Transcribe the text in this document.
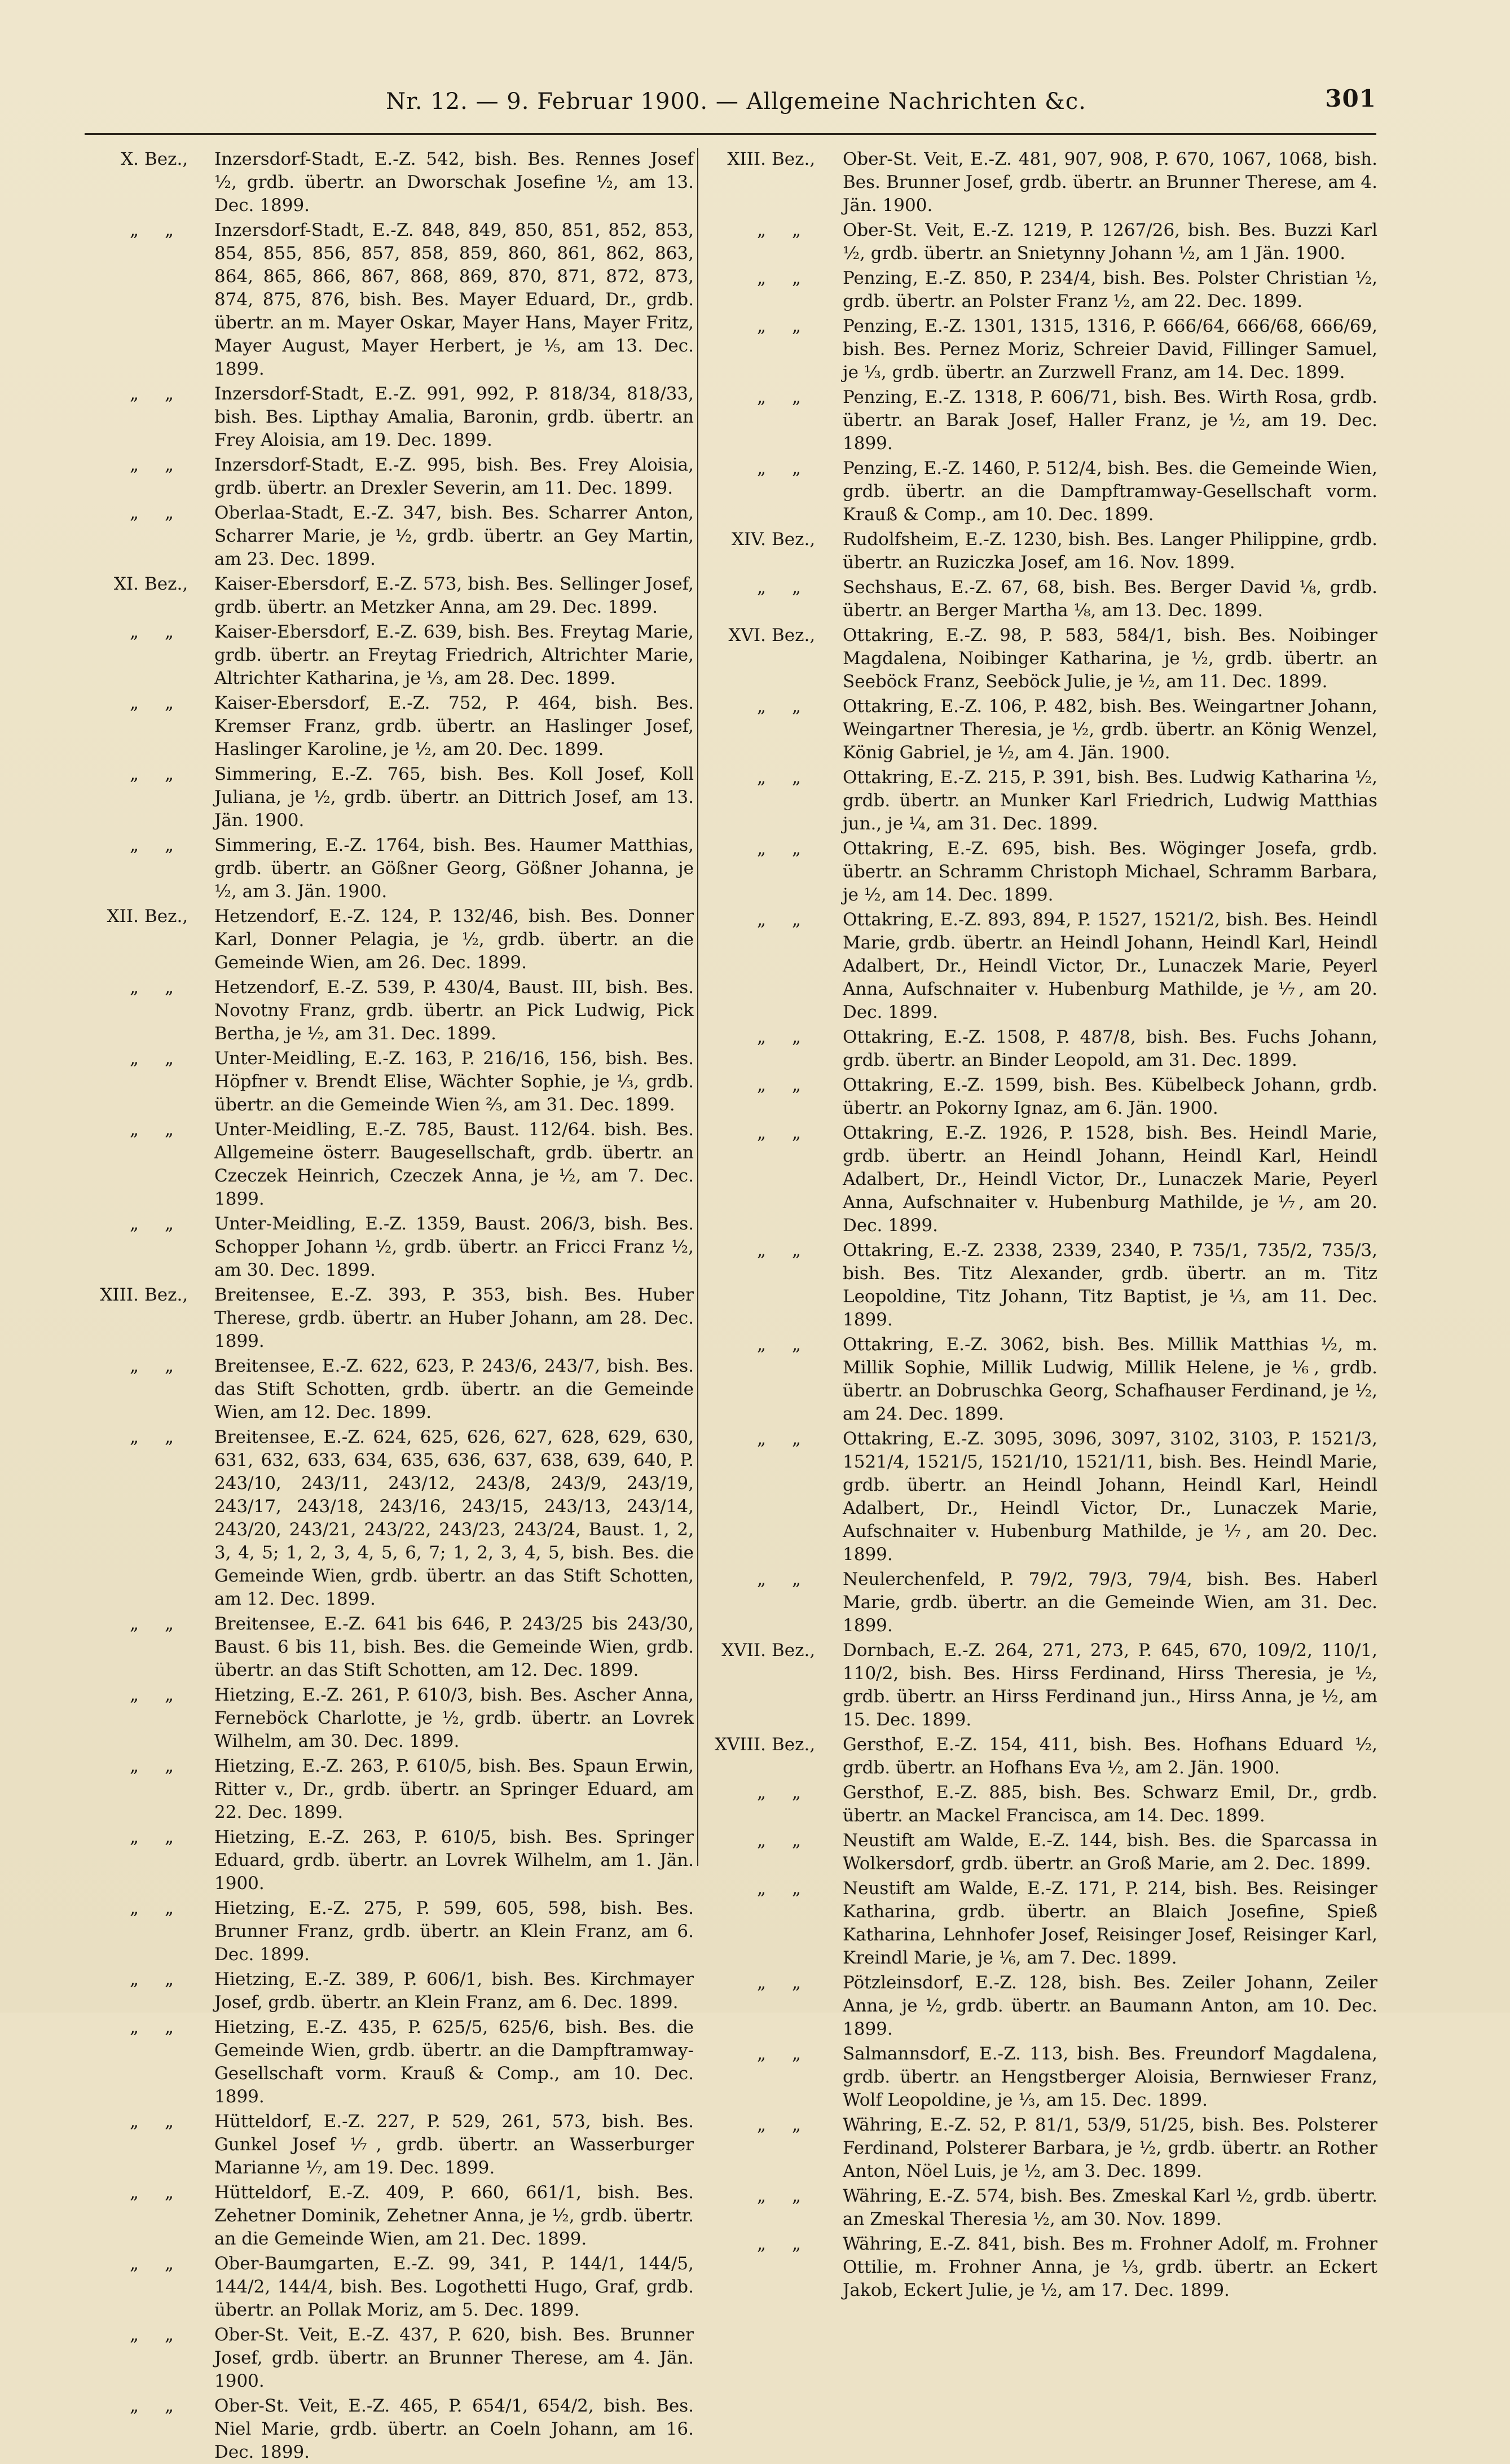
Nr. 12. — 9. Februar 1900. — Allgemeine Nachrichten &c.	301
X. Bez.,	Inzersdorf-Stadt, E.-Z. 542, bish. Bes. Rennes Josef ½, grdb. übertr. an Dworschak Josefine ½, am 13. Dec. 1899.
„ „	Inzersdorf-Stadt, E.-Z. 848, 849, 850, 851, 852, 853, 854, 855, 856, 857, 858, 859, 860, 861, 862, 863, 864, 865, 866, 867, 868, 869, 870, 871, 872, 873, 874, 875, 876, bish. Bes. Mayer Eduard, Dr., grdb. übertr. an m. Mayer Oskar, Mayer Hans, Mayer Fritz, Mayer August, Mayer Herbert, je ⅕, am 13. Dec. 1899.
„ „	Inzersdorf-Stadt, E.-Z. 991, 992, P. 818/34, 818/33, bish. Bes. Lipthay Amalia, Baronin, grdb. übertr. an Frey Aloisia, am 19. Dec. 1899.
„ „	Inzersdorf-Stadt, E.-Z. 995, bish. Bes. Frey Aloisia, grdb. übertr. an Drexler Severin, am 11. Dec. 1899.
„ „	Oberlaa-Stadt, E.-Z. 347, bish. Bes. Scharrer Anton, Scharrer Marie, je ½, grdb. übertr. an Gey Martin, am 23. Dec. 1899.
XI. Bez.,	Kaiser-Ebersdorf, E.-Z. 573, bish. Bes. Sellinger Josef, grdb. übertr. an Metzker Anna, am 29. Dec. 1899.
„ „	Kaiser-Ebersdorf, E.-Z. 639, bish. Bes. Freytag Marie, grdb. übertr. an Freytag Friedrich, Altrichter Marie, Altrichter Katharina, je ⅓, am 28. Dec. 1899.
„ „	Kaiser-Ebersdorf, E.-Z. 752, P. 464, bish. Bes. Kremser Franz, grdb. übertr. an Haslinger Josef, Haslinger Karoline, je ½, am 20. Dec. 1899.
„ „	Simmering, E.-Z. 765, bish. Bes. Koll Josef, Koll Juliana, je ½, grdb. übertr. an Dittrich Josef, am 13. Jän. 1900.
„ „	Simmering, E.-Z. 1764, bish. Bes. Haumer Matthias, grdb. übertr. an Gößner Georg, Gößner Johanna, je ½, am 3. Jän. 1900.
XII. Bez.,	Hetzendorf, E.-Z. 124, P. 132/46, bish. Bes. Donner Karl, Donner Pelagia, je ½, grdb. übertr. an die Gemeinde Wien, am 26. Dec. 1899.
„ „	Hetzendorf, E.-Z. 539, P. 430/4, Baust. III, bish. Bes. Novotny Franz, grdb. übertr. an Pick Ludwig, Pick Bertha, je ½, am 31. Dec. 1899.
„ „	Unter-Meidling, E.-Z. 163, P. 216/16, 156, bish. Bes. Höpfner v. Brendt Elise, Wächter Sophie, je ⅓, grdb. übertr. an die Gemeinde Wien ⅔, am 31. Dec. 1899.
„ „	Unter-Meidling, E.-Z. 785, Baust. 112/64. bish. Bes. Allgemeine österr. Baugesellschaft, grdb. übertr. an Czeczek Heinrich, Czeczek Anna, je ½, am 7. Dec. 1899.
„ „	Unter-Meidling, E.-Z. 1359, Baust. 206/3, bish. Bes. Schopper Johann ½, grdb. übertr. an Fricci Franz ½, am 30. Dec. 1899.
XIII. Bez.,	Breitensee, E.-Z. 393, P. 353, bish. Bes. Huber Therese, grdb. übertr. an Huber Johann, am 28. Dec. 1899.
„ „	Breitensee, E.-Z. 622, 623, P. 243/6, 243/7, bish. Bes. das Stift Schotten, grdb. übertr. an die Gemeinde Wien, am 12. Dec. 1899.
„ „	Breitensee, E.-Z. 624, 625, 626, 627, 628, 629, 630, 631, 632, 633, 634, 635, 636, 637, 638, 639, 640, P. 243/10, 243/11, 243/12, 243/8, 243/9, 243/19, 243/17, 243/18, 243/16, 243/15, 243/13, 243/14, 243/20, 243/21, 243/22, 243/23, 243/24, Baust. 1, 2, 3, 4, 5; 1, 2, 3, 4, 5, 6, 7; 1, 2, 3, 4, 5, bish. Bes. die Gemeinde Wien, grdb. übertr. an das Stift Schotten, am 12. Dec. 1899.
„ „	Breitensee, E.-Z. 641 bis 646, P. 243/25 bis 243/30, Baust. 6 bis 11, bish. Bes. die Gemeinde Wien, grdb. übertr. an das Stift Schotten, am 12. Dec. 1899.
„ „	Hietzing, E.-Z. 261, P. 610/3, bish. Bes. Ascher Anna, Ferneböck Charlotte, je ½, grdb. übertr. an Lovrek Wilhelm, am 30. Dec. 1899.
„ „	Hietzing, E.-Z. 263, P. 610/5, bish. Bes. Spaun Erwin, Ritter v., Dr., grdb. übertr. an Springer Eduard, am 22. Dec. 1899.
„ „	Hietzing, E.-Z. 263, P. 610/5, bish. Bes. Springer Eduard, grdb. übertr. an Lovrek Wilhelm, am 1. Jän. 1900.
„ „	Hietzing, E.-Z. 275, P. 599, 605, 598, bish. Bes. Brunner Franz, grdb. übertr. an Klein Franz, am 6. Dec. 1899.
„ „	Hietzing, E.-Z. 389, P. 606/1, bish. Bes. Kirchmayer Josef, grdb. übertr. an Klein Franz, am 6. Dec. 1899.
„ „	Hietzing, E.-Z. 435, P. 625/5, 625/6, bish. Bes. die Gemeinde Wien, grdb. übertr. an die Dampftramway-Gesellschaft vorm. Krauß & Comp., am 10. Dec. 1899.
„ „	Hütteldorf, E.-Z. 227, P. 529, 261, 573, bish. Bes. Gunkel Josef ⅐, grdb. übertr. an Wasserburger Marianne ⅐, am 19. Dec. 1899.
„ „	Hütteldorf, E.-Z. 409, P. 660, 661/1, bish. Bes. Zehetner Dominik, Zehetner Anna, je ½, grdb. übertr. an die Gemeinde Wien, am 21. Dec. 1899.
„ „	Ober-Baumgarten, E.-Z. 99, 341, P. 144/1, 144/5, 144/2, 144/4, bish. Bes. Logothetti Hugo, Graf, grdb. übertr. an Pollak Moriz, am 5. Dec. 1899.
„ „	Ober-St. Veit, E.-Z. 437, P. 620, bish. Bes. Brunner Josef, grdb. übertr. an Brunner Therese, am 4. Jän. 1900.
„ „	Ober-St. Veit, E.-Z. 465, P. 654/1, 654/2, bish. Bes. Niel Marie, grdb. übertr. an Coeln Johann, am 16. Dec. 1899.
XIII. Bez.,	Ober-St. Veit, E.-Z. 481, 907, 908, P. 670, 1067, 1068, bish. Bes. Brunner Josef, grdb. übertr. an Brunner Therese, am 4. Jän. 1900.
„ „	Ober-St. Veit, E.-Z. 1219, P. 1267/26, bish. Bes. Buzzi Karl ½, grdb. übertr. an Snietynny Johann ½, am 1 Jän. 1900.
„ „	Penzing, E.-Z. 850, P. 234/4, bish. Bes. Polster Christian ½, grdb. übertr. an Polster Franz ½, am 22. Dec. 1899.
„ „	Penzing, E.-Z. 1301, 1315, 1316, P. 666/64, 666/68, 666/69, bish. Bes. Pernez Moriz, Schreier David, Fillinger Samuel, je ⅓, grdb. übertr. an Zurzwell Franz, am 14. Dec. 1899.
„ „	Penzing, E.-Z. 1318, P. 606/71, bish. Bes. Wirth Rosa, grdb. übertr. an Barak Josef, Haller Franz, je ½, am 19. Dec. 1899.
„ „	Penzing, E.-Z. 1460, P. 512/4, bish. Bes. die Gemeinde Wien, grdb. übertr. an die Dampftramway-Gesellschaft vorm. Krauß & Comp., am 10. Dec. 1899.
XIV. Bez.,	Rudolfsheim, E.-Z. 1230, bish. Bes. Langer Philippine, grdb. übertr. an Ruziczka Josef, am 16. Nov. 1899.
„ „	Sechshaus, E.-Z. 67, 68, bish. Bes. Berger David ⅛, grdb. übertr. an Berger Martha ⅛, am 13. Dec. 1899.
XVI. Bez.,	Ottakring, E.-Z. 98, P. 583, 584/1, bish. Bes. Noibinger Magdalena, Noibinger Katharina, je ½, grdb. übertr. an Seeböck Franz, Seeböck Julie, je ½, am 11. Dec. 1899.
„ „	Ottakring, E.-Z. 106, P. 482, bish. Bes. Weingartner Johann, Weingartner Theresia, je ½, grdb. übertr. an König Wenzel, König Gabriel, je ½, am 4. Jän. 1900.
„ „	Ottakring, E.-Z. 215, P. 391, bish. Bes. Ludwig Katharina ½, grdb. übertr. an Munker Karl Friedrich, Ludwig Matthias jun., je ¼, am 31. Dec. 1899.
„ „	Ottakring, E.-Z. 695, bish. Bes. Wöginger Josefa, grdb. übertr. an Schramm Christoph Michael, Schramm Barbara, je ½, am 14. Dec. 1899.
„ „	Ottakring, E.-Z. 893, 894, P. 1527, 1521/2, bish. Bes. Heindl Marie, grdb. übertr. an Heindl Johann, Heindl Karl, Heindl Adalbert, Dr., Heindl Victor, Dr., Lunaczek Marie, Peyerl Anna, Aufschnaiter v. Hubenburg Mathilde, je ⅐, am 20. Dec. 1899.
„ „	Ottakring, E.-Z. 1508, P. 487/8, bish. Bes. Fuchs Johann, grdb. übertr. an Binder Leopold, am 31. Dec. 1899.
„ „	Ottakring, E.-Z. 1599, bish. Bes. Kübelbeck Johann, grdb. übertr. an Pokorny Ignaz, am 6. Jän. 1900.
„ „	Ottakring, E.-Z. 1926, P. 1528, bish. Bes. Heindl Marie, grdb. übertr. an Heindl Johann, Heindl Karl, Heindl Adalbert, Dr., Heindl Victor, Dr., Lunaczek Marie, Peyerl Anna, Aufschnaiter v. Hubenburg Mathilde, je ⅐, am 20. Dec. 1899.
„ „	Ottakring, E.-Z. 2338, 2339, 2340, P. 735/1, 735/2, 735/3, bish. Bes. Titz Alexander, grdb. übertr. an m. Titz Leopoldine, Titz Johann, Titz Baptist, je ⅓, am 11. Dec. 1899.
„ „	Ottakring, E.-Z. 3062, bish. Bes. Millik Matthias ½, m. Millik Sophie, Millik Ludwig, Millik Helene, je ⅙, grdb. übertr. an Dobruschka Georg, Schafhauser Ferdinand, je ½, am 24. Dec. 1899.
„ „	Ottakring, E.-Z. 3095, 3096, 3097, 3102, 3103, P. 1521/3, 1521/4, 1521/5, 1521/10, 1521/11, bish. Bes. Heindl Marie, grdb. übertr. an Heindl Johann, Heindl Karl, Heindl Adalbert, Dr., Heindl Victor, Dr., Lunaczek Marie, Aufschnaiter v. Hubenburg Mathilde, je ⅐, am 20. Dec. 1899.
„ „	Neulerchenfeld, P. 79/2, 79/3, 79/4, bish. Bes. Haberl Marie, grdb. übertr. an die Gemeinde Wien, am 31. Dec. 1899.
XVII. Bez.,	Dornbach, E.-Z. 264, 271, 273, P. 645, 670, 109/2, 110/1, 110/2, bish. Bes. Hirss Ferdinand, Hirss Theresia, je ½, grdb. übertr. an Hirss Ferdinand jun., Hirss Anna, je ½, am 15. Dec. 1899.
XVIII. Bez.,	Gersthof, E.-Z. 154, 411, bish. Bes. Hofhans Eduard ½, grdb. übertr. an Hofhans Eva ½, am 2. Jän. 1900.
„ „	Gersthof, E.-Z. 885, bish. Bes. Schwarz Emil, Dr., grdb. übertr. an Mackel Francisca, am 14. Dec. 1899.
„ „	Neustift am Walde, E.-Z. 144, bish. Bes. die Sparcassa in Wolkersdorf, grdb. übertr. an Groß Marie, am 2. Dec. 1899.
„ „	Neustift am Walde, E.-Z. 171, P. 214, bish. Bes. Reisinger Katharina, grdb. übertr. an Blaich Josefine, Spieß Katharina, Lehnhofer Josef, Reisinger Josef, Reisinger Karl, Kreindl Marie, je ⅙, am 7. Dec. 1899.
„ „	Pötzleinsdorf, E.-Z. 128, bish. Bes. Zeiler Johann, Zeiler Anna, je ½, grdb. übertr. an Baumann Anton, am 10. Dec. 1899.
„ „	Salmannsdorf, E.-Z. 113, bish. Bes. Freundorf Magdalena, grdb. übertr. an Hengstberger Aloisia, Bernwieser Franz, Wolf Leopoldine, je ⅓, am 15. Dec. 1899.
„ „	Währing, E.-Z. 52, P. 81/1, 53/9, 51/25, bish. Bes. Polsterer Ferdinand, Polsterer Barbara, je ½, grdb. übertr. an Rother Anton, Nöel Luis, je ½, am 3. Dec. 1899.
„ „	Währing, E.-Z. 574, bish. Bes. Zmeskal Karl ½, grdb. übertr. an Zmeskal Theresia ½, am 30. Nov. 1899.
„ „	Währing, E.-Z. 841, bish. Bes m. Frohner Adolf, m. Frohner Ottilie, m. Frohner Anna, je ⅓, grdb. übertr. an Eckert Jakob, Eckert Julie, je ½, am 17. Dec. 1899.
